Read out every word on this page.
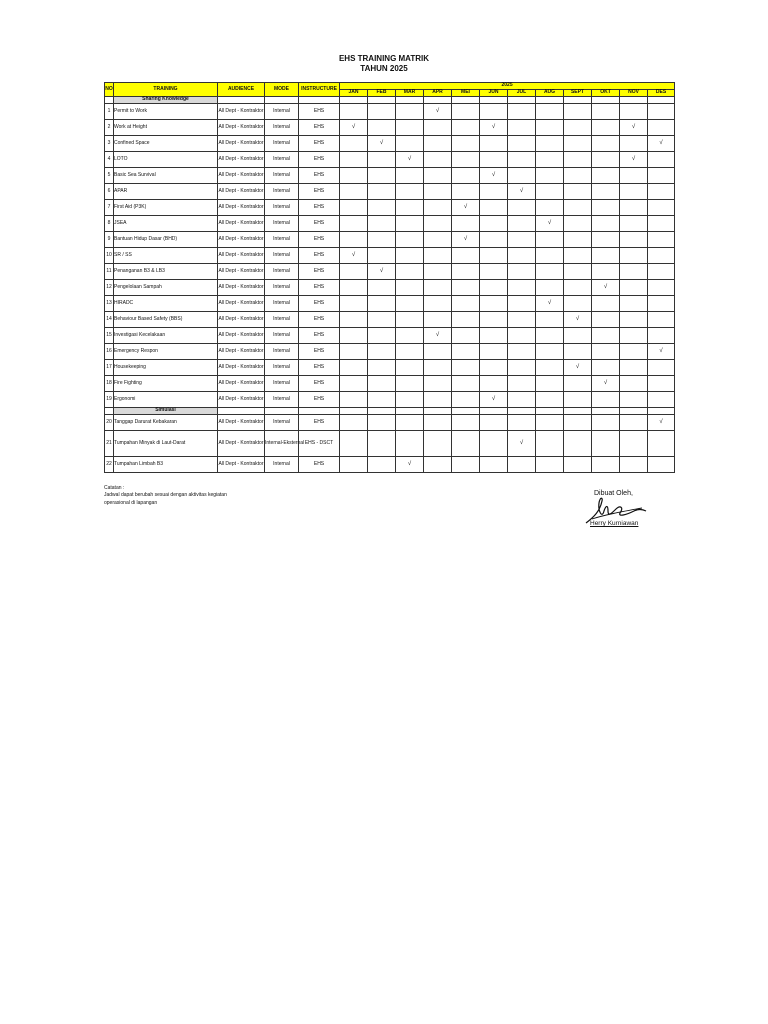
EHS TRAINING MATRIK
TAHUN 2025
NO	TRAINING	AUDIENCE	MODE	INSTRUCTURE	2025											
					JAN	FEB	MAR	APR	MEI	JUN	JUL	AUG	SEPT	OKT	NOV	DES
	Sharing Knowledge															
1	Permit to Work	All Dept - Kontraktor	Internal	EHS				√								
2	Work at Height	All Dept - Kontraktor	Internal	EHS	√					√					√	
3	Confined Space	All Dept - Kontraktor	Internal	EHS		√										√
4	LOTO	All Dept - Kontraktor	Internal	EHS			√								√	
5	Basic Sea Survival	All Dept - Kontraktor	Internal	EHS						√						
6	APAR	All Dept - Kontraktor	Internal	EHS							√					
7	First Aid (P3K)	All Dept - Kontraktor	Internal	EHS					√							
8	JSEA	All Dept - Kontraktor	Internal	EHS								√				
9	Bantuan Hidup Dasar (BHD)	All Dept - Kontraktor	Internal	EHS					√							
10	SR / SS	All Dept - Kontraktor	Internal	EHS	√											
11	Penanganan B3 & LB3	All Dept - Kontraktor	Internal	EHS		√										
12	Pengelolaan Sampah	All Dept - Kontraktor	Internal	EHS										√		
13	HIRADC	All Dept - Kontraktor	Internal	EHS								√				
14	Behaviour Based Safety (BBS)	All Dept - Kontraktor	Internal	EHS									√			
15	Investigasi Kecelakaan	All Dept - Kontraktor	Internal	EHS				√								
16	Emergency Respon	All Dept - Kontraktor	Internal	EHS												√
17	Housekeeping	All Dept - Kontraktor	Internal	EHS									√			
18	Fire Fighting	All Dept - Kontraktor	Internal	EHS										√		
19	Ergonomi	All Dept - Kontraktor	Internal	EHS						√						
	Simulasi															
20	Tanggap Darurat Kebakaran	All Dept - Kontraktor	Internal	EHS												√
21	Tumpahan Minyak di Laut-Darat	All Dept - Kontraktor	Internal-Eksternal	EHS - DSCT							√					
22	Tumpahan Limbah B3	All Dept - Kontraktor	Internal	EHS			√									
Catatan :
Jadwal dapat berubah sesuai dengan aktivitas kegiatan
operasional di lapangan
Dibuat Oleh,
Herry Kurniawan
